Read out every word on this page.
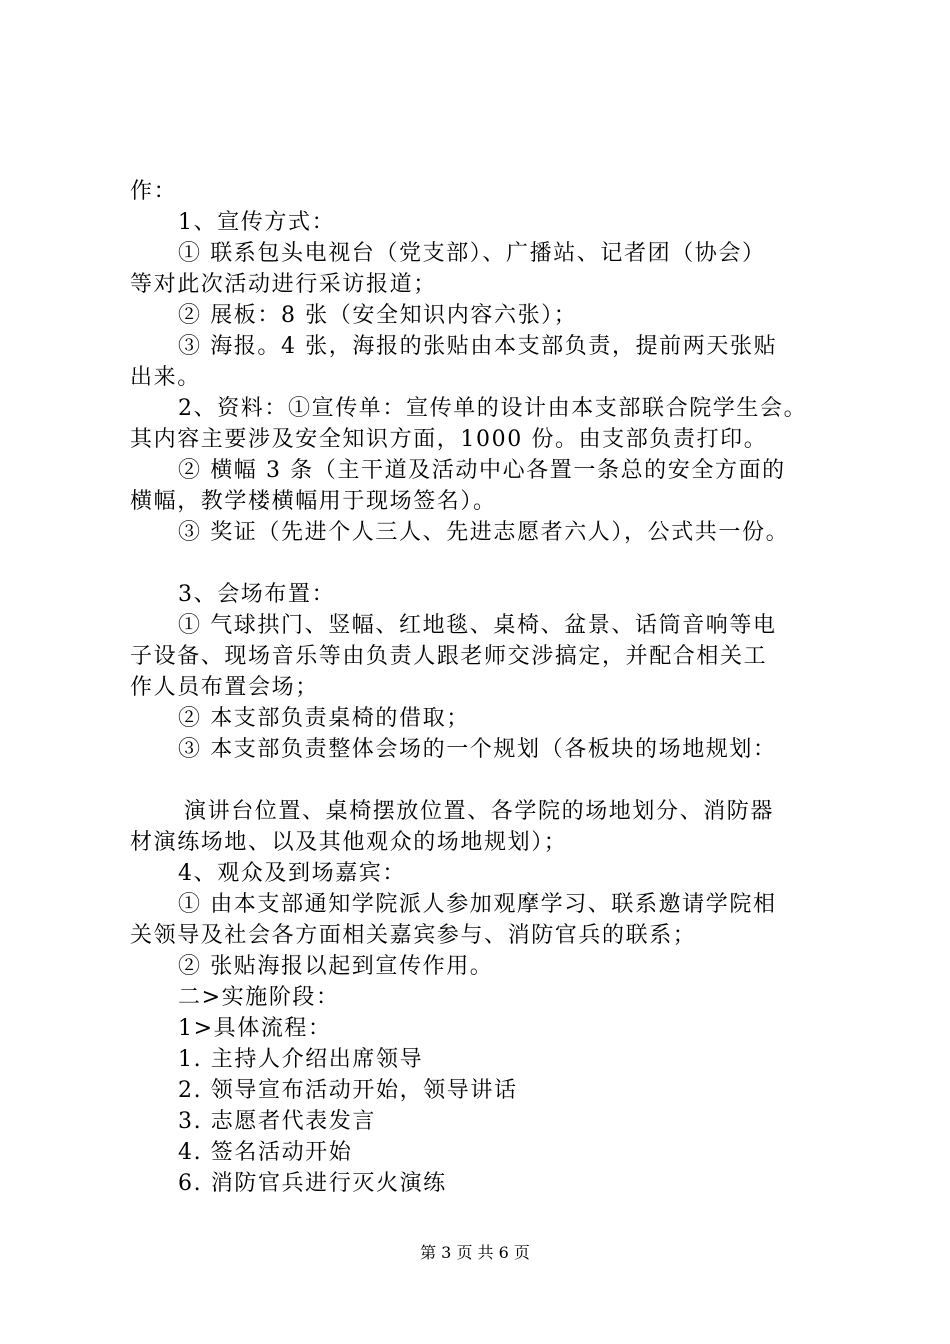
作：
1、宣传方式：
① 联系包头电视台（党支部）、广播站、记者团（协会）
等对此次活动进行采访报道；
② 展板：8 张（安全知识内容六张）；
③ 海报。4 张，海报的张贴由本支部负责，提前两天张贴
出来。
2、资料：①宣传单：宣传单的设计由本支部联合院学生会。
其内容主要涉及安全知识方面，1000 份。由支部负责打印。
② 横幅 3 条（主干道及活动中心各置一条总的安全方面的
横幅，教学楼横幅用于现场签名）。
③ 奖证（先进个人三人、先进志愿者六人），公式共一份。
3、会场布置：
① 气球拱门、竖幅、红地毯、桌椅、盆景、话筒音响等电
子设备、现场音乐等由负责人跟老师交涉搞定，并配合相关工
作人员布置会场；
② 本支部负责桌椅的借取；
③ 本支部负责整体会场的一个规划（各板块的场地规划：
演讲台位置、桌椅摆放位置、各学院的场地划分、消防器
材演练场地、以及其他观众的场地规划）；
4、观众及到场嘉宾：
① 由本支部通知学院派人参加观摩学习、联系邀请学院相
关领导及社会各方面相关嘉宾参与、消防官兵的联系；
② 张贴海报以起到宣传作用。
二>实施阶段：
1>具体流程：
1. 主持人介绍出席领导
2. 领导宣布活动开始，领导讲话
3. 志愿者代表发言
4. 签名活动开始
6. 消防官兵进行灭火演练
第 3 页 共 6 页
